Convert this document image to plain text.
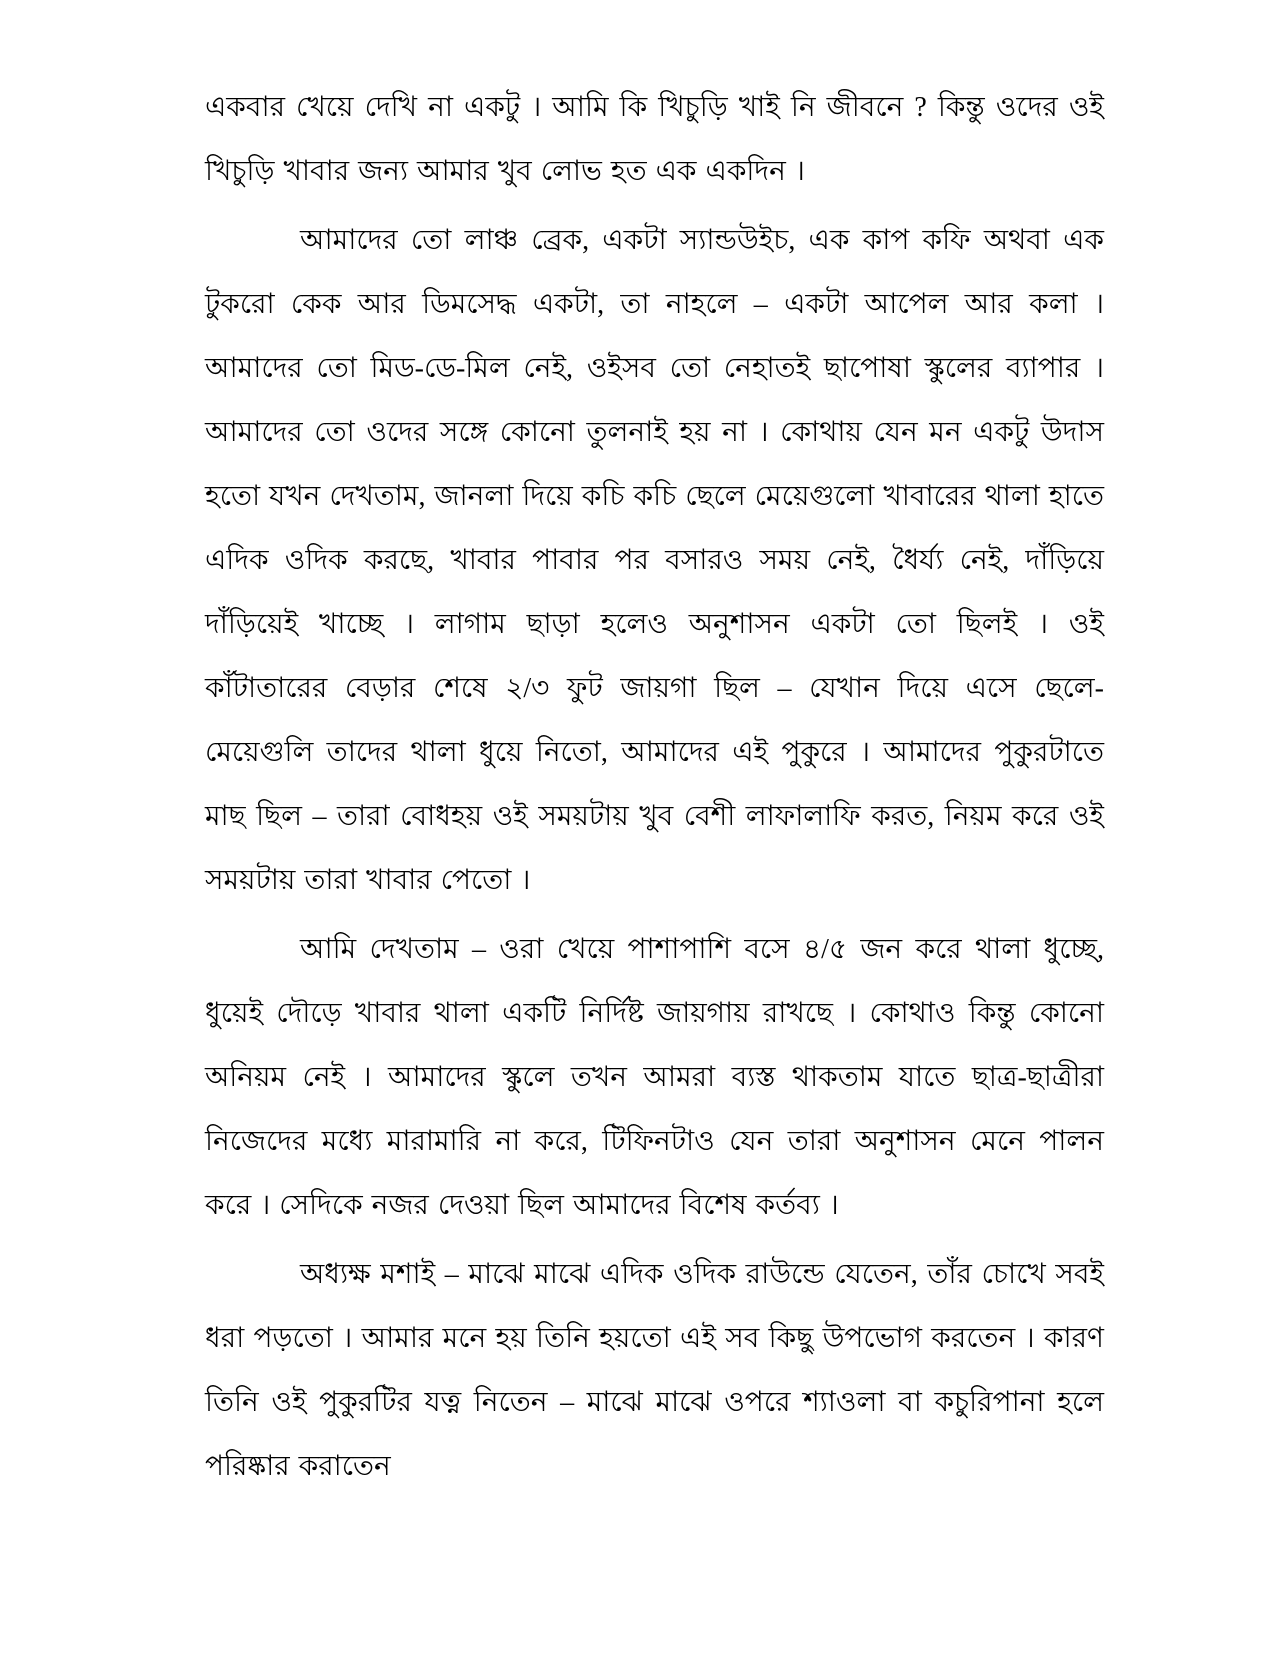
একবার খেয়ে দেখি না একটু । আমি কি খিচুড়ি খাই নি জীবনে ? কিন্তু ওদের ওই খিচুড়ি খাবার জন্য আমার খুব লোভ হত এক একদিন ।

আমাদের তো লাঞ্চ ব্রেক, একটা স্যান্ডউইচ, এক কাপ কফি অথবা এক টুকরো কেক আর ডিমসেদ্ধ একটা, তা নাহলে – একটা আপেল আর কলা । আমাদের তো মিড-ডে-মিল নেই, ওইসব তো নেহাতই ছাপোষা স্কুলের ব্যাপার । আমাদের তো ওদের সঙ্গে কোনো তুলনাই হয় না । কোথায় যেন মন একটু উদাস হতো যখন দেখতাম, জানলা দিয়ে কচি কচি ছেলে মেয়েগুলো খাবারের থালা হাতে এদিক ওদিক করছে, খাবার পাবার পর বসারও সময় নেই, ধৈর্য্য নেই, দাঁড়িয়ে দাঁড়িয়েই খাচ্ছে । লাগাম ছাড়া হলেও অনুশাসন একটা তো ছিলই । ওই কাঁটাতারের বেড়ার শেষে ২/৩ ফুট জায়গা ছিল – যেখান দিয়ে এসে ছেলে-মেয়েগুলি তাদের থালা ধুয়ে নিতো, আমাদের এই পুকুরে । আমাদের পুকুরটাতে মাছ ছিল – তারা বোধহয় ওই সময়টায় খুব বেশী লাফালাফি করত, নিয়ম করে ওই সময়টায় তারা খাবার পেতো ।

আমি দেখতাম – ওরা খেয়ে পাশাপাশি বসে ৪/৫ জন করে থালা ধুচ্ছে, ধুয়েই দৌড়ে খাবার থালা একটি নির্দিষ্ট জায়গায় রাখছে । কোথাও কিন্তু কোনো অনিয়ম নেই । আমাদের স্কুলে তখন আমরা ব্যস্ত থাকতাম যাতে ছাত্র-ছাত্রীরা নিজেদের মধ্যে মারামারি না করে, টিফিনটাও যেন তারা অনুশাসন মেনে পালন করে । সেদিকে নজর দেওয়া ছিল আমাদের বিশেষ কর্তব্য ।

অধ্যক্ষ মশাই – মাঝে মাঝে এদিক ওদিক রাউন্ডে যেতেন, তাঁর চোখে সবই ধরা পড়তো । আমার মনে হয় তিনি হয়তো এই সব কিছু উপভোগ করতেন । কারণ তিনি ওই পুকুরটির যত্ন নিতেন – মাঝে মাঝে ওপরে শ্যাওলা বা কচুরিপানা হলে পরিষ্কার করাতেন
